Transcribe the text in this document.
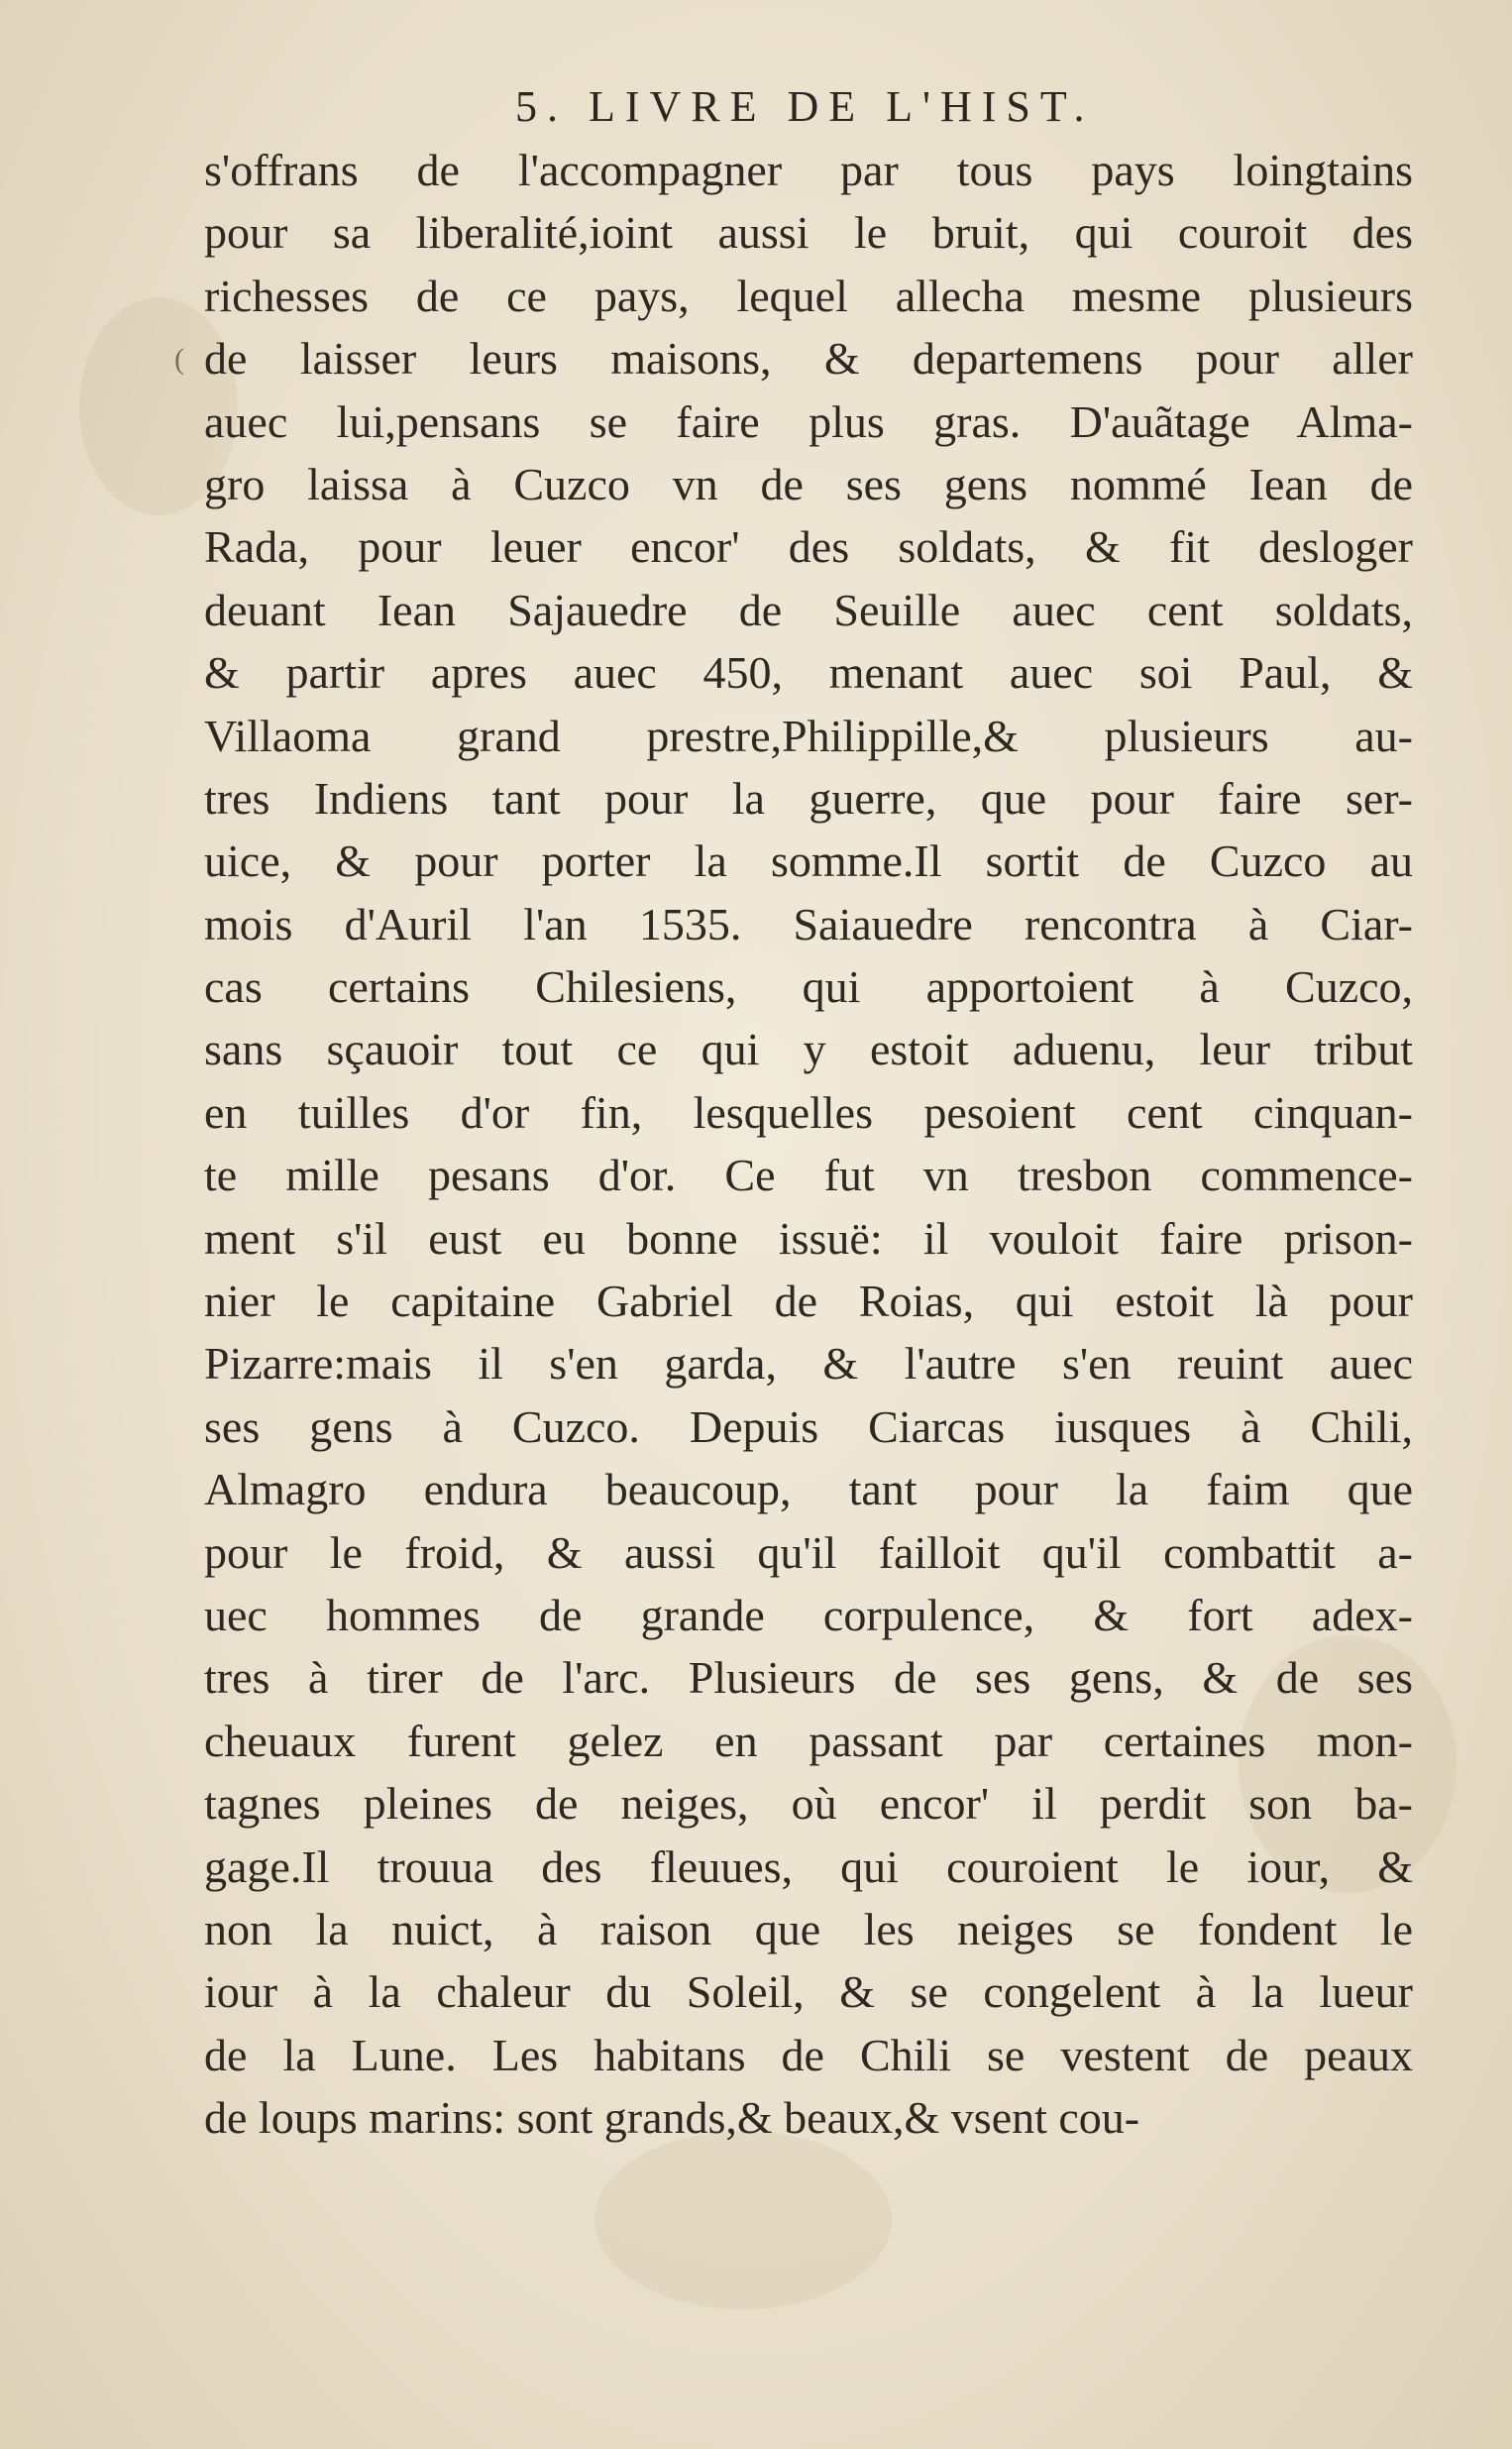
5. LIVRE DE L'HIST.
(
s'offrans de l'accompagner par tous pays loingtains
pour sa liberalité,ioint aussi le bruit, qui couroit des
richesses de ce pays, lequel allecha mesme plusieurs
de laisser leurs maisons, & departemens pour aller
auec lui,pensans se faire plus gras. D'auãtage Alma-
gro laissa à Cuzco vn de ses gens nommé Iean de
Rada, pour leuer encor' des soldats, & fit desloger
deuant Iean Sajauedre de Seuille auec cent soldats,
& partir apres auec 450, menant auec soi Paul, &
Villaoma grand prestre,Philippille,& plusieurs au-
tres Indiens tant pour la guerre, que pour faire ser-
uice, & pour porter la somme.Il sortit de Cuzco au
mois d'Auril l'an 1535. Saiauedre rencontra à Ciar-
cas certains Chilesiens, qui apportoient à Cuzco,
sans sçauoir tout ce qui y estoit aduenu, leur tribut
en tuilles d'or fin, lesquelles pesoient cent cinquan-
te mille pesans d'or. Ce fut vn tresbon commence-
ment s'il eust eu bonne issuë: il vouloit faire prison-
nier le capitaine Gabriel de Roias, qui estoit là pour
Pizarre:mais il s'en garda, & l'autre s'en reuint auec
ses gens à Cuzco. Depuis Ciarcas iusques à Chili,
Almagro endura beaucoup, tant pour la faim que
pour le froid, & aussi qu'il failloit qu'il combattit a-
uec hommes de grande corpulence, & fort adex-
tres à tirer de l'arc. Plusieurs de ses gens, & de ses
cheuaux furent gelez en passant par certaines mon-
tagnes pleines de neiges, où encor' il perdit son ba-
gage.Il trouua des fleuues, qui couroient le iour, &
non la nuict, à raison que les neiges se fondent le
iour à la chaleur du Soleil, & se congelent à la lueur
de la Lune. Les habitans de Chili se vestent de peaux
de loups marins: sont grands,& beaux,& vsent cou-
